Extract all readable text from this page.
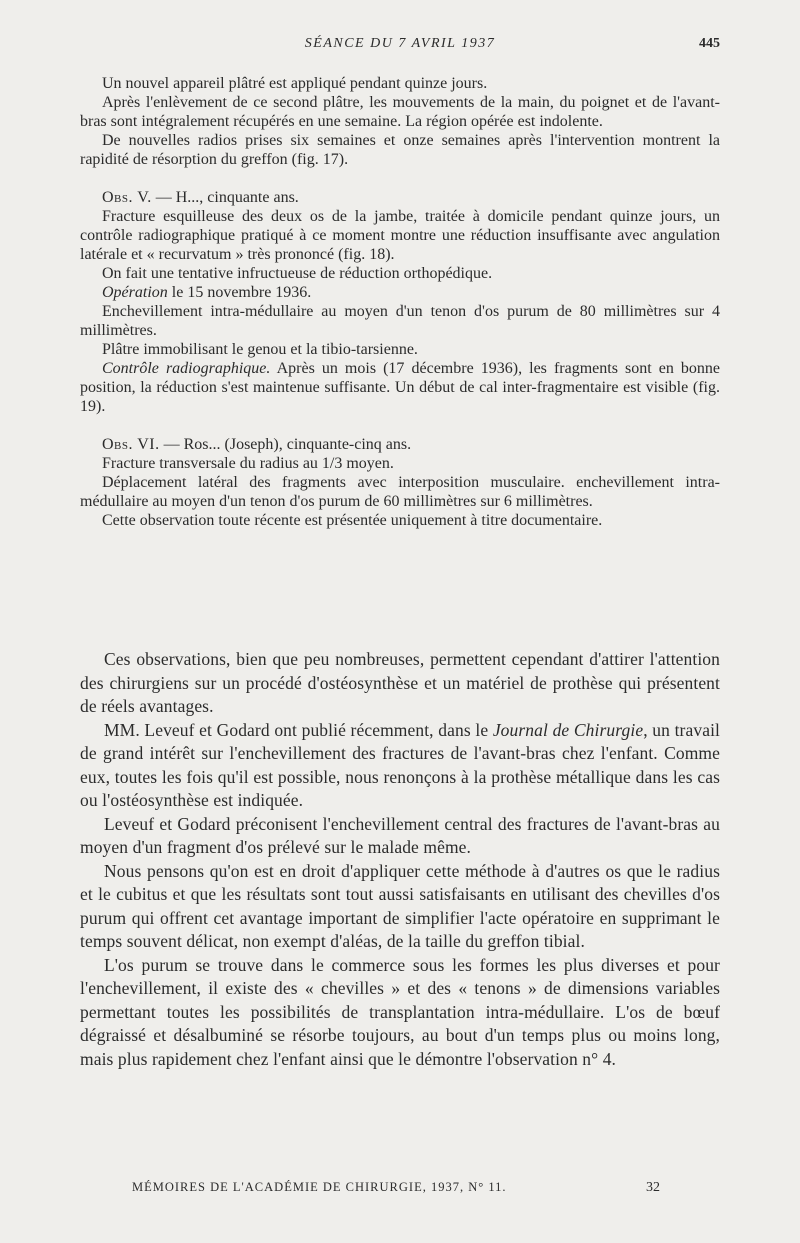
SÉANCE DU 7 AVRIL 1937	445

Un nouvel appareil plâtré est appliqué pendant quinze jours.

Après l'enlèvement de ce second plâtre, les mouvements de la main, du poignet et de l'avant-bras sont intégralement récupérés en une semaine. La région opérée est indolente.

De nouvelles radios prises six semaines et onze semaines après l'intervention montrent la rapidité de résorption du greffon (fig. 17).

Obs. V. — H..., cinquante ans.

Fracture esquilleuse des deux os de la jambe, traitée à domicile pendant quinze jours, un contrôle radiographique pratiqué à ce moment montre une réduction insuffisante avec angulation latérale et « recurvatum » très prononcé (fig. 18).

On fait une tentative infructueuse de réduction orthopédique.

Opération le 15 novembre 1936.

Enchevillement intra-médullaire au moyen d'un tenon d'os purum de 80 millimètres sur 4 millimètres.

Plâtre immobilisant le genou et la tibio-tarsienne.

Contrôle radiographique. Après un mois (17 décembre 1936), les fragments sont en bonne position, la réduction s'est maintenue suffisante. Un début de cal inter-fragmentaire est visible (fig. 19).

Obs. VI. — Ros... (Joseph), cinquante-cinq ans.

Fracture transversale du radius au 1/3 moyen.

Déplacement latéral des fragments avec interposition musculaire. enchevillement intra-médullaire au moyen d'un tenon d'os purum de 60 millimètres sur 6 millimètres.

Cette observation toute récente est présentée uniquement à titre documentaire.

Ces observations, bien que peu nombreuses, permettent cependant d'attirer l'attention des chirurgiens sur un procédé d'ostéosynthèse et un matériel de prothèse qui présentent de réels avantages.

MM. Leveuf et Godard ont publié récemment, dans le Journal de Chirurgie, un travail de grand intérêt sur l'enchevillement des fractures de l'avant-bras chez l'enfant. Comme eux, toutes les fois qu'il est possible, nous renonçons à la prothèse métallique dans les cas ou l'ostéosynthèse est indiquée.

Leveuf et Godard préconisent l'enchevillement central des fractures de l'avant-bras au moyen d'un fragment d'os prélevé sur le malade même.

Nous pensons qu'on est en droit d'appliquer cette méthode à d'autres os que le radius et le cubitus et que les résultats sont tout aussi satisfaisants en utilisant des chevilles d'os purum qui offrent cet avantage important de simplifier l'acte opératoire en supprimant le temps souvent délicat, non exempt d'aléas, de la taille du greffon tibial.

L'os purum se trouve dans le commerce sous les formes les plus diverses et pour l'enchevillement, il existe des « chevilles » et des « tenons » de dimensions variables permettant toutes les possibilités de transplantation intra-médullaire. L'os de bœuf dégraissé et désalbuminé se résorbe toujours, au bout d'un temps plus ou moins long, mais plus rapidement chez l'enfant ainsi que le démontre l'observation n° 4.

MÉMOIRES DE L'ACADÉMIE DE CHIRURGIE, 1937, N° 11.	32
